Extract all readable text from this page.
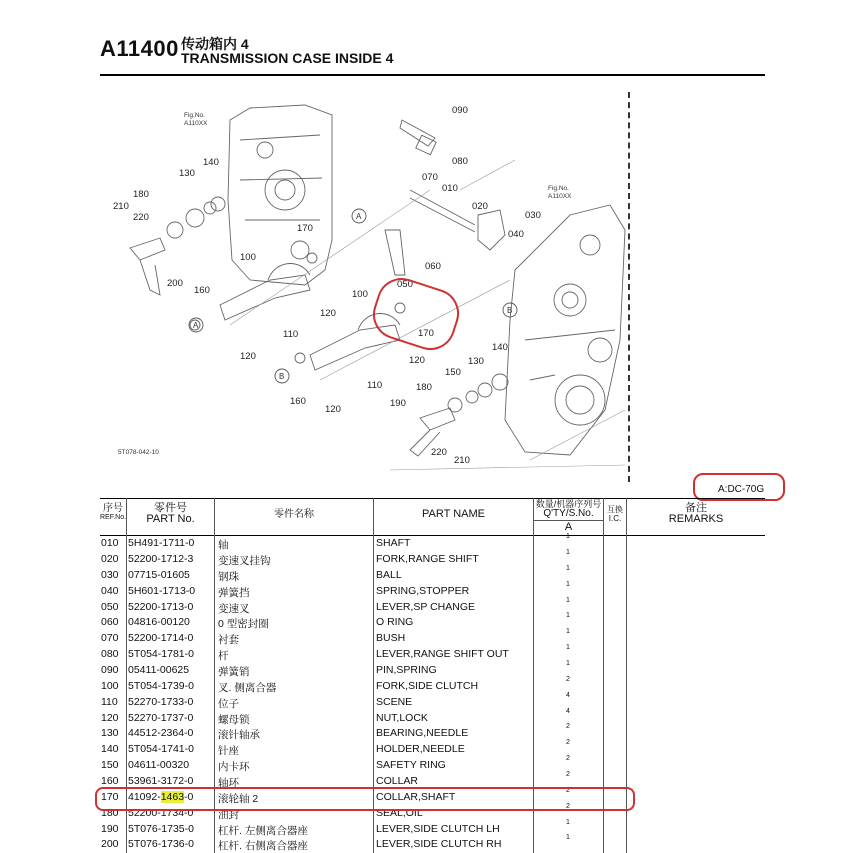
A11400 传动箱内 4
TRANSMISSION CASE INSIDE 4
090
080
070
010
020
030
040
050
060
140
130
180
210
220
200
170
100
160
110
120
100
170
120	120	130
140
110
120
160
150
180
190
220
210
Fig.No.
A110XX
Fig.No.
A110XX
5T078-042-10
A
A
B
B
A:DC-70G
序号
REF.No.
零件号
PART No.	零件名称	PART NAME
数量/机器序列号
Q'TY/S.No.
A
互换
I.C.
备注
REMARKS
010 5H491-1711-0 轴	SHAFT
1
020 52200-1712-3 变速叉挂钩	FORK,RANGE SHIFT
1
030 07715-01605	钢珠	BALL
1
040 5H601-1713-0 弹簧挡	SPRING,STOPPER
1
050 52200-1713-0 变速叉	LEVER,SP CHANGE
1
060 04816-00120	0 型密封圈	O RING
1
070 52200-1714-0 衬套	BUSH
1
080 5T054-1781-0 杆	LEVER,RANGE SHIFT OUT
1
090 05411-00625	弹簧销	PIN,SPRING
1
100 5T054-1739-0 叉. 侧离合器	FORK,SIDE CLUTCH
2
110 52270-1733-0 位子	SCENE
4
120 52270-1737-0 螺母锁	NUT,LOCK
4
130 44512-2364-0 滚针轴承	BEARING,NEEDLE
2
140 5T054-1741-0 针座	HOLDER,NEEDLE
2
150 04611-00320	内卡环	SAFETY RING
2
160 53961-3172-0 轴环	COLLAR
2
170 41092-1463-0 滚轮轴 2	COLLAR,SHAFT
2
180 52200-1734-0 油封	SEAL,OIL
2
190 5T076-1735-0 杠杆. 左侧离合器座	LEVER,SIDE CLUTCH LH
1
200 5T076-1736-0 杠杆. 右侧离合器座	LEVER,SIDE CLUTCH RH
1
